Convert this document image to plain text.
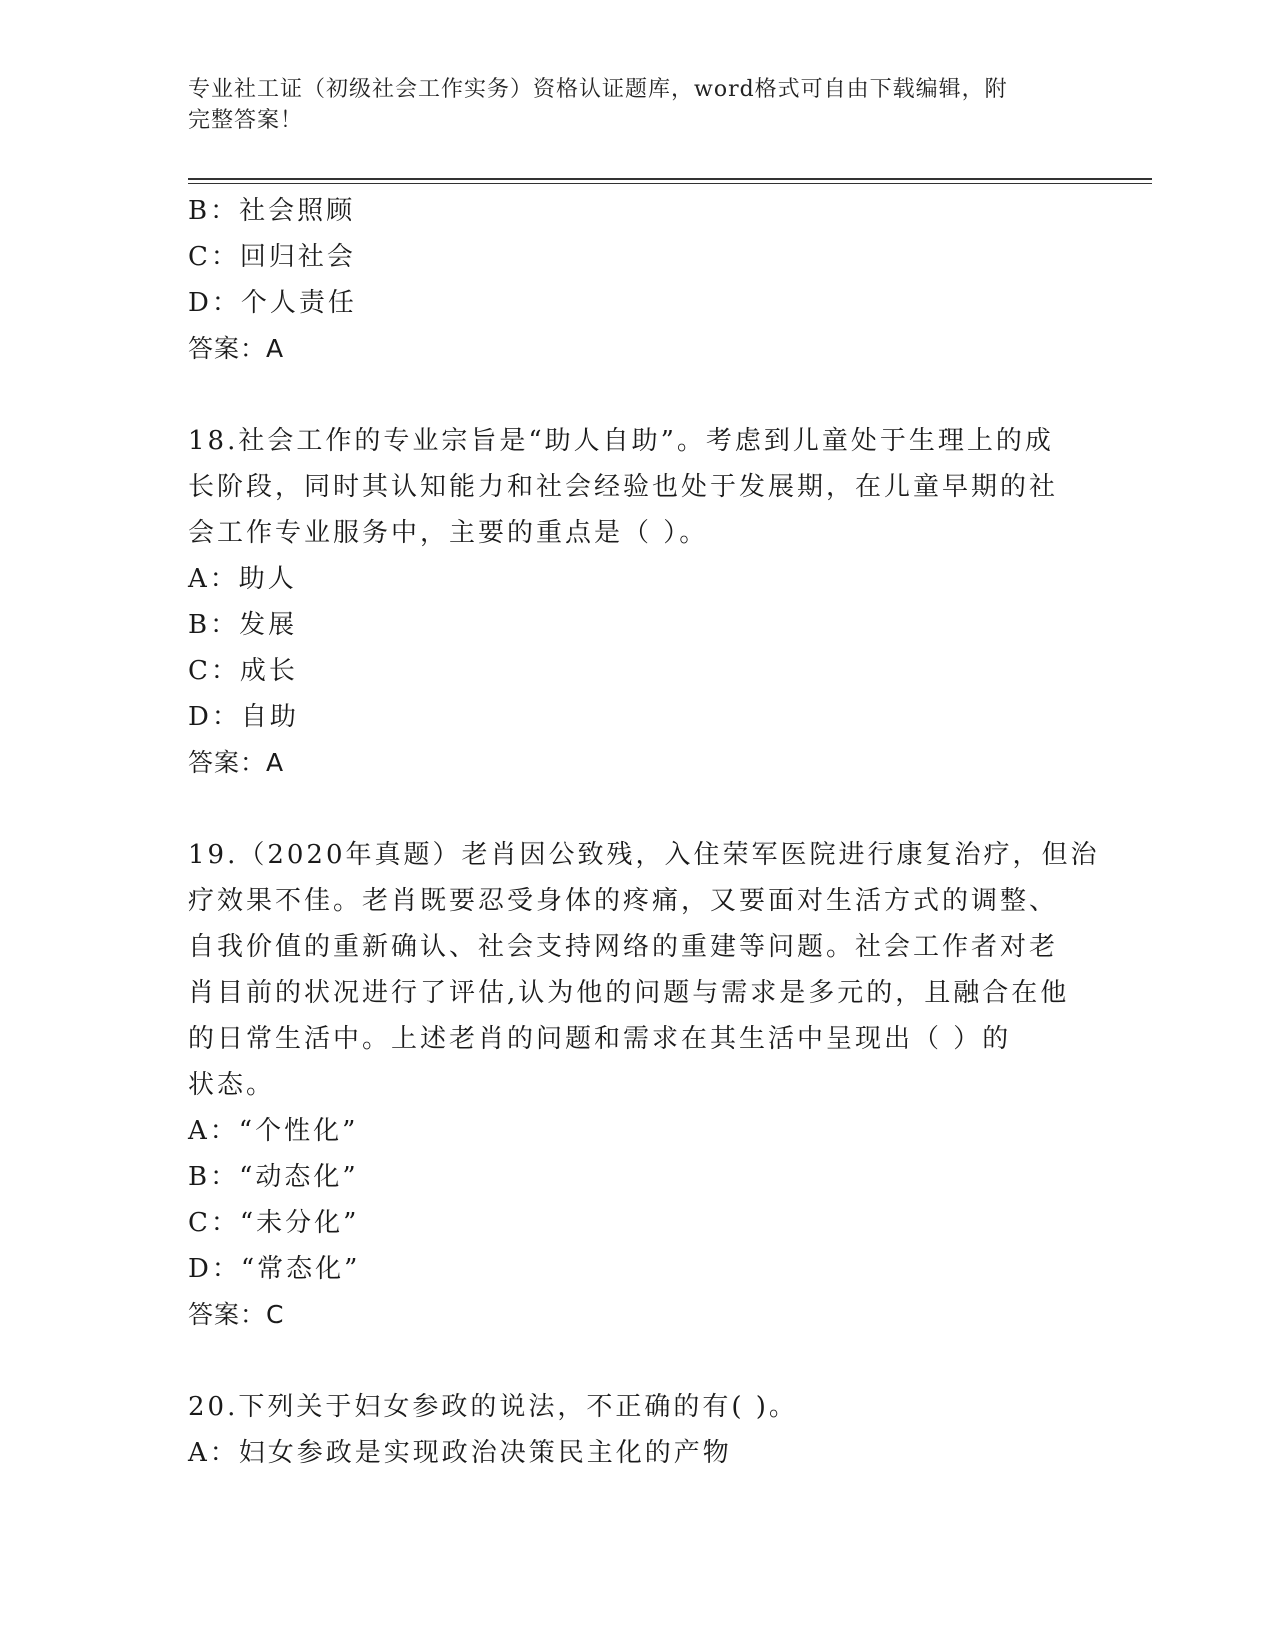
专业社工证（初级社会工作实务）资格认证题库，word格式可自由下载编辑，附
完整答案！
B：社会照顾
C：回归社会
D：个人责任
答案：A
18.社会工作的专业宗旨是“助人自助”。考虑到儿童处于生理上的成
长阶段，同时其认知能力和社会经验也处于发展期，在儿童早期的社
会工作专业服务中，主要的重点是（ ）。
A：助人
B：发展
C：成长
D：自助
答案：A
19.（2020年真题）老肖因公致残，入住荣军医院进行康复治疗，但治
疗效果不佳。老肖既要忍受身体的疼痛，又要面对生活方式的调整、
自我价值的重新确认、社会支持网络的重建等问题。社会工作者对老
肖目前的状况进行了评估,认为他的问题与需求是多元的，且融合在他
的日常生活中。上述老肖的问题和需求在其生活中呈现出（ ）的
状态。
A：“个性化”
B：“动态化”
C：“未分化”
D：“常态化”
答案：C
20.下列关于妇女参政的说法，不正确的有( )。
A：妇女参政是实现政治决策民主化的产物
